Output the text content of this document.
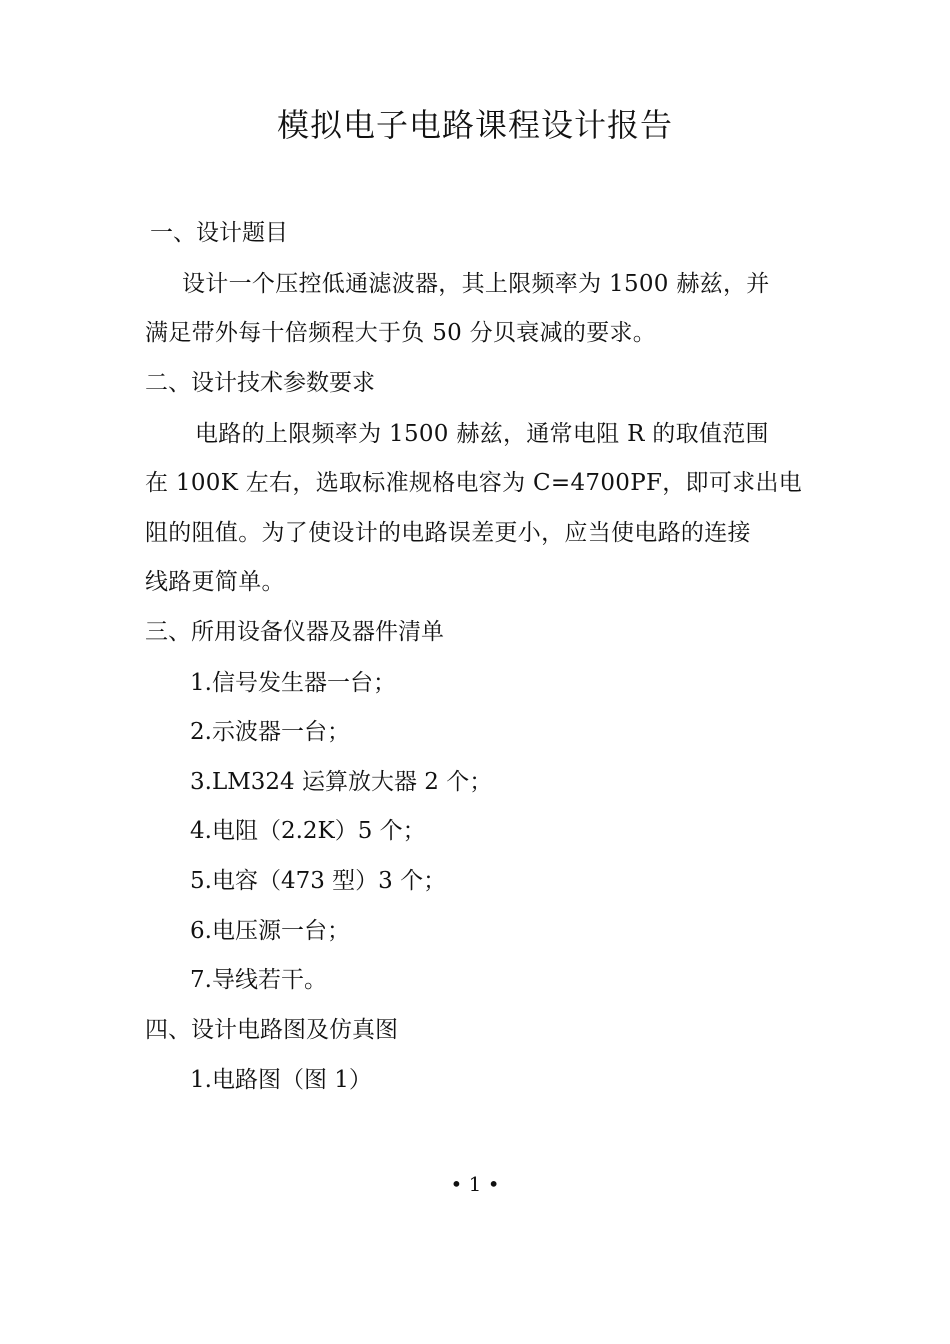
模拟电子电路课程设计报告
一、设计题目
设计一个压控低通滤波器，其上限频率为 1500 赫兹，并
满足带外每十倍频程大于负 50 分贝衰减的要求。
二、设计技术参数要求
电路的上限频率为 1500 赫兹，通常电阻 R 的取值范围
在 100K 左右，选取标准规格电容为 C=4700PF，即可求出电
阻的阻值。为了使设计的电路误差更小，应当使电路的连接
线路更简单。
三、所用设备仪器及器件清单
1.信号发生器一台；
2.示波器一台；
3.LM324 运算放大器 2 个；
4.电阻（2.2K）5 个；
5.电容（473 型）3 个；
6.电压源一台；
7.导线若干。
四、设计电路图及仿真图
1.电路图（图 1）
• 1 •
